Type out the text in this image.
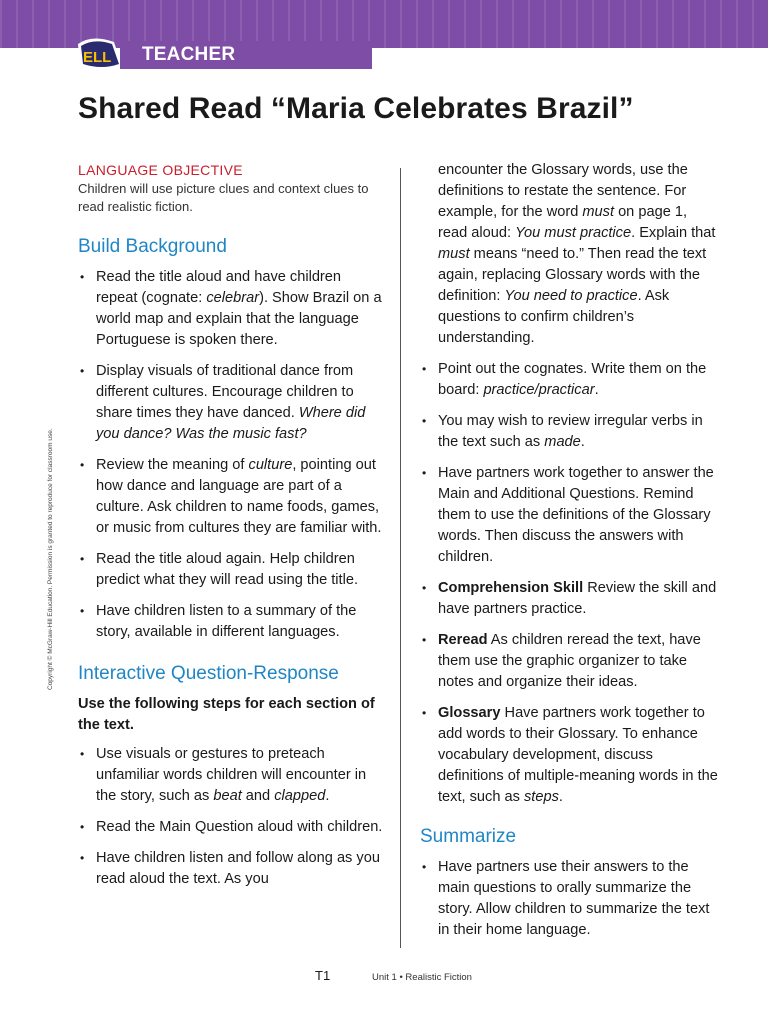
ELL	TEACHER INSTRUCTION
Shared Read “Maria Celebrates Brazil”
Copyright © McGraw-Hill Education. Permission is granted to reproduce for classroom use.
LANGUAGE OBJECTIVE

Children will use picture clues and context clues to read realistic fiction.

Build Background
• Read the title aloud and have children repeat (cognate: celebrar). Show Brazil on a world map and explain that the language Portuguese is spoken there.
• Display visuals of traditional dance from different cultures. Encourage children to share times they have danced. Where did you dance? Was the music fast?
• Review the meaning of culture, pointing out how dance and language are part of a culture. Ask children to name foods, games, or music from cultures they are familiar with.
• Read the title aloud again. Help children predict what they will read using the title.
• Have children listen to a summary of the story, available in different languages.
Interactive Question-Response
Use the following steps for each section of the text.
• Use visuals or gestures to preteach unfamiliar words children will encounter in the story, such as beat and clapped.
• Read the Main Question aloud with children.
• Have children listen and follow along as you read aloud the text. As you
encounter the Glossary words, use the definitions to restate the sentence. For example, for the word must on page 1, read aloud: You must practice. Explain that must means “need to.” Then read the text again, replacing Glossary words with the definition: You need to practice. Ask questions to confirm children’s understanding.
• Point out the cognates. Write them on the board: practice/practicar.
• You may wish to review irregular verbs in the text such as made.
• Have partners work together to answer the Main and Additional Questions. Remind them to use the definitions of the Glossary words. Then discuss the answers with children.
• Comprehension Skill Review the skill and have partners practice.
• Reread As children reread the text, have them use the graphic organizer to take notes and organize their ideas.
• Glossary Have partners work together to add words to their Glossary. To enhance vocabulary development, discuss definitions of multiple-meaning words in the text, such as steps.
Summarize
• Have partners use their answers to the main questions to orally summarize the story. Allow children to summarize the text in their home language.
T1	Unit 1 • Realistic Fiction
